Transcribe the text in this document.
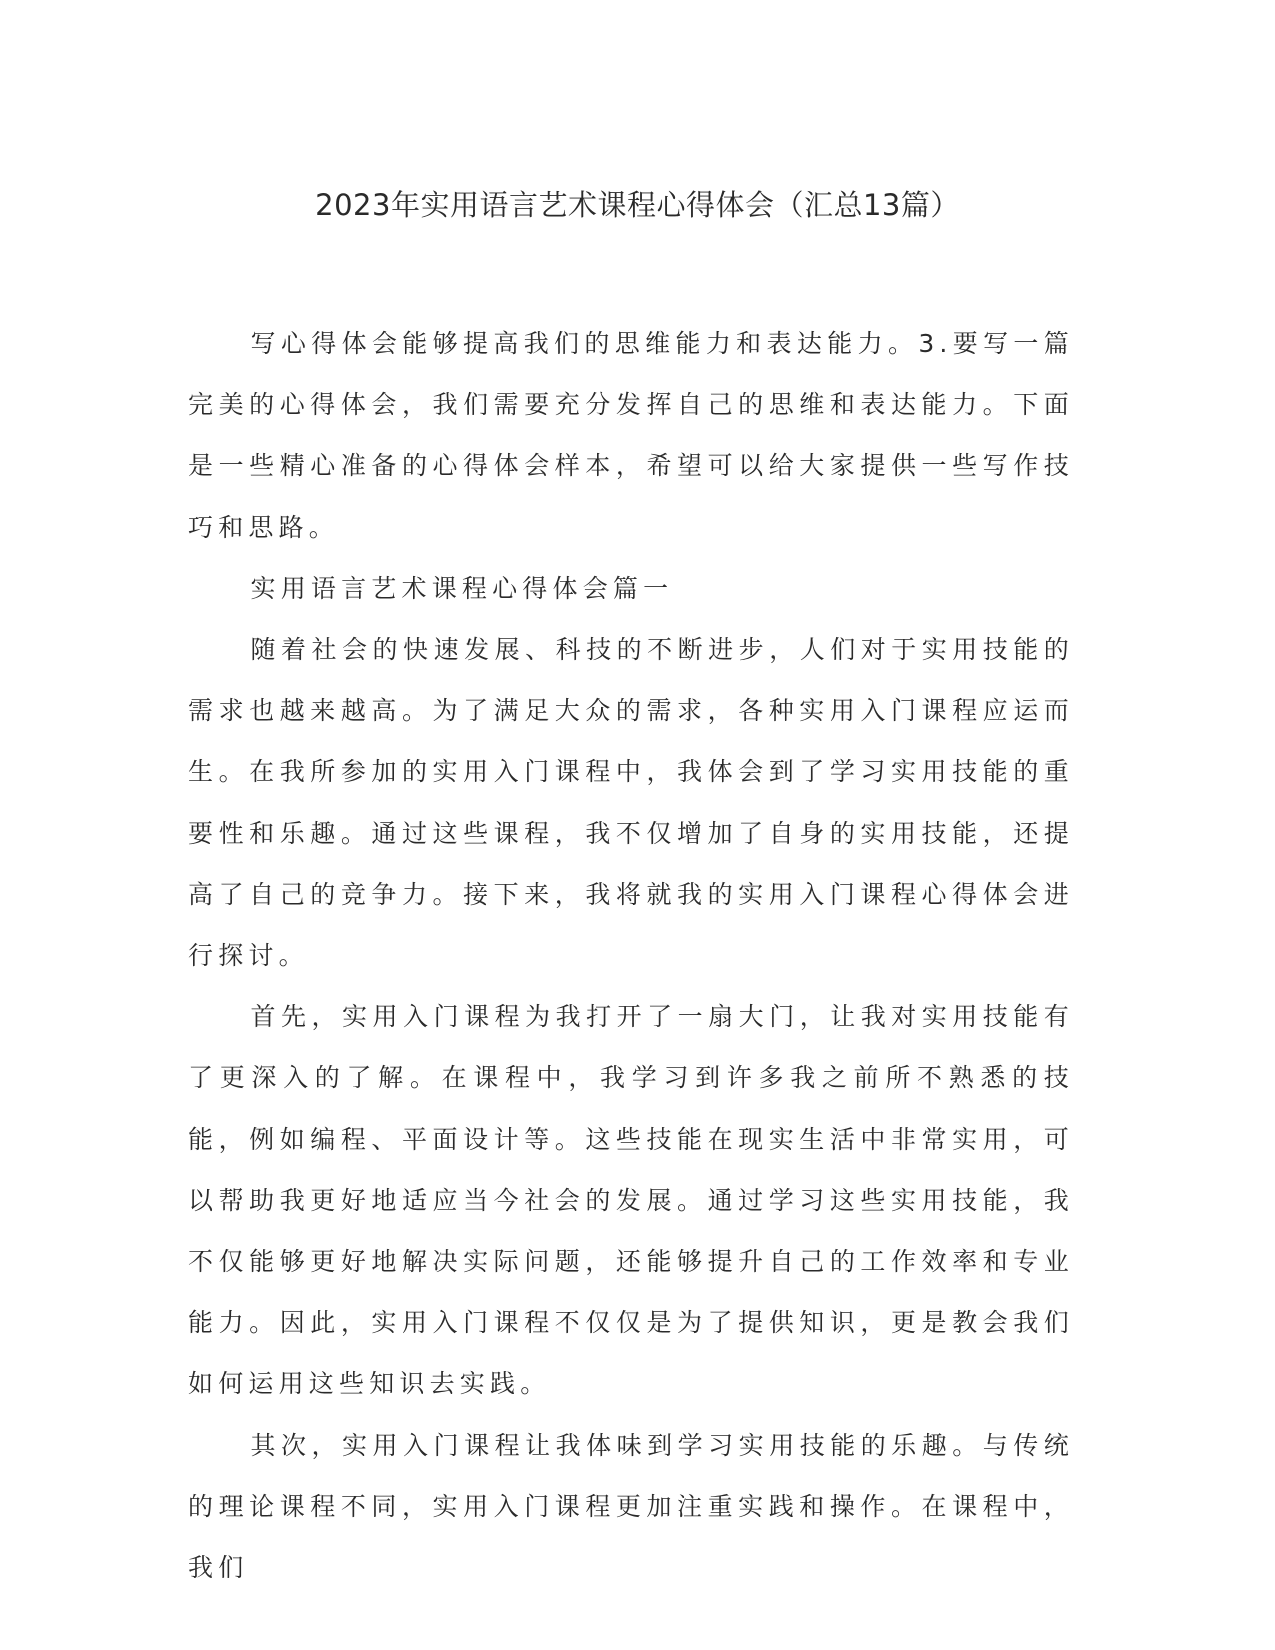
2023年实用语言艺术课程心得体会（汇总13篇）

写心得体会能够提高我们的思维能力和表达能力。3.要写一篇完美的心得体会，我们需要充分发挥自己的思维和表达能力。下面是一些精心准备的心得体会样本，希望可以给大家提供一些写作技巧和思路。

实用语言艺术课程心得体会篇一

随着社会的快速发展、科技的不断进步，人们对于实用技能的需求也越来越高。为了满足大众的需求，各种实用入门课程应运而生。在我所参加的实用入门课程中，我体会到了学习实用技能的重要性和乐趣。通过这些课程，我不仅增加了自身的实用技能，还提高了自己的竞争力。接下来，我将就我的实用入门课程心得体会进行探讨。

首先，实用入门课程为我打开了一扇大门，让我对实用技能有了更深入的了解。在课程中，我学习到许多我之前所不熟悉的技能，例如编程、平面设计等。这些技能在现实生活中非常实用，可以帮助我更好地适应当今社会的发展。通过学习这些实用技能，我不仅能够更好地解决实际问题，还能够提升自己的工作效率和专业能力。因此，实用入门课程不仅仅是为了提供知识，更是教会我们如何运用这些知识去实践。

其次，实用入门课程让我体味到学习实用技能的乐趣。与传统的理论课程不同，实用入门课程更加注重实践和操作。在课程中，我们
